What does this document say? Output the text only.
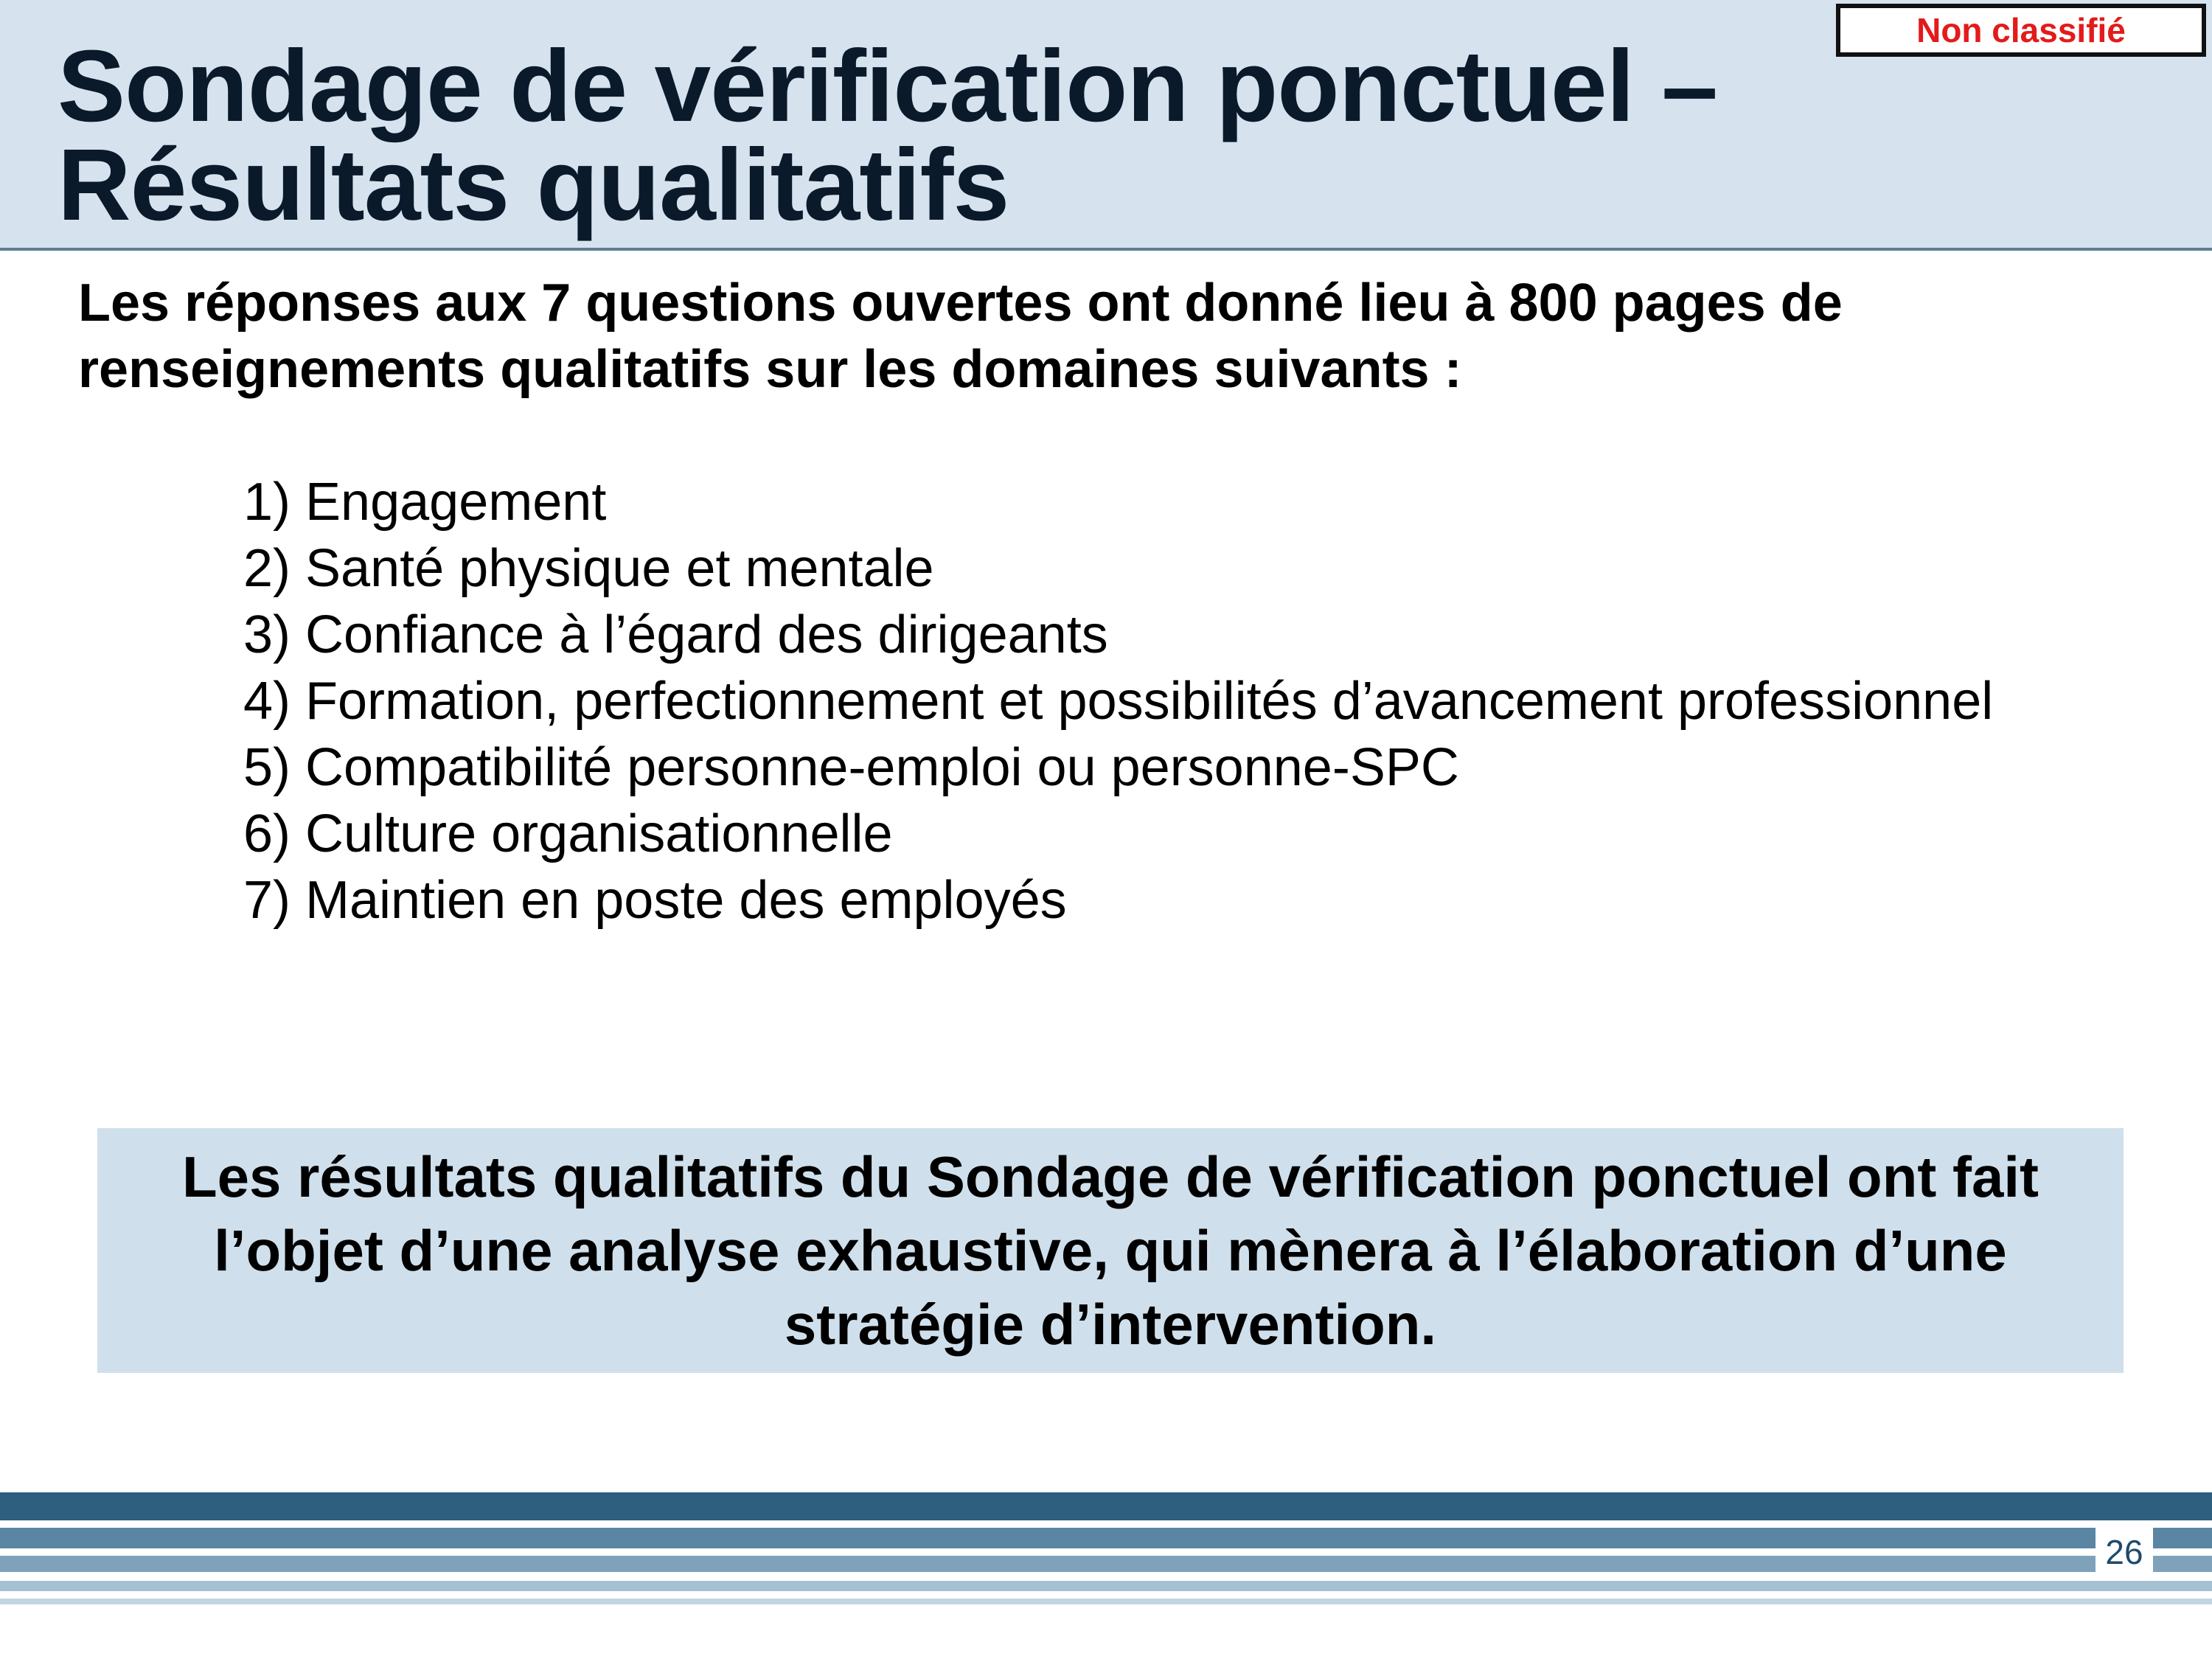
Sondage de vérification ponctuel –
Résultats qualitatifs
Non classifié

Les réponses aux 7 questions ouvertes ont donné lieu à 800 pages de
renseignements qualitatifs sur les domaines suivants :

1) Engagement
2) Santé physique et mentale
3) Confiance à l’égard des dirigeants
4) Formation, perfectionnement et possibilités d’avancement professionnel
5) Compatibilité personne-emploi ou personne-SPC
6) Culture organisationnelle
7) Maintien en poste des employés

Les résultats qualitatifs du Sondage de vérification ponctuel ont fait
l’objet d’une analyse exhaustive, qui mènera à l’élaboration d’une
stratégie d’intervention.

26
